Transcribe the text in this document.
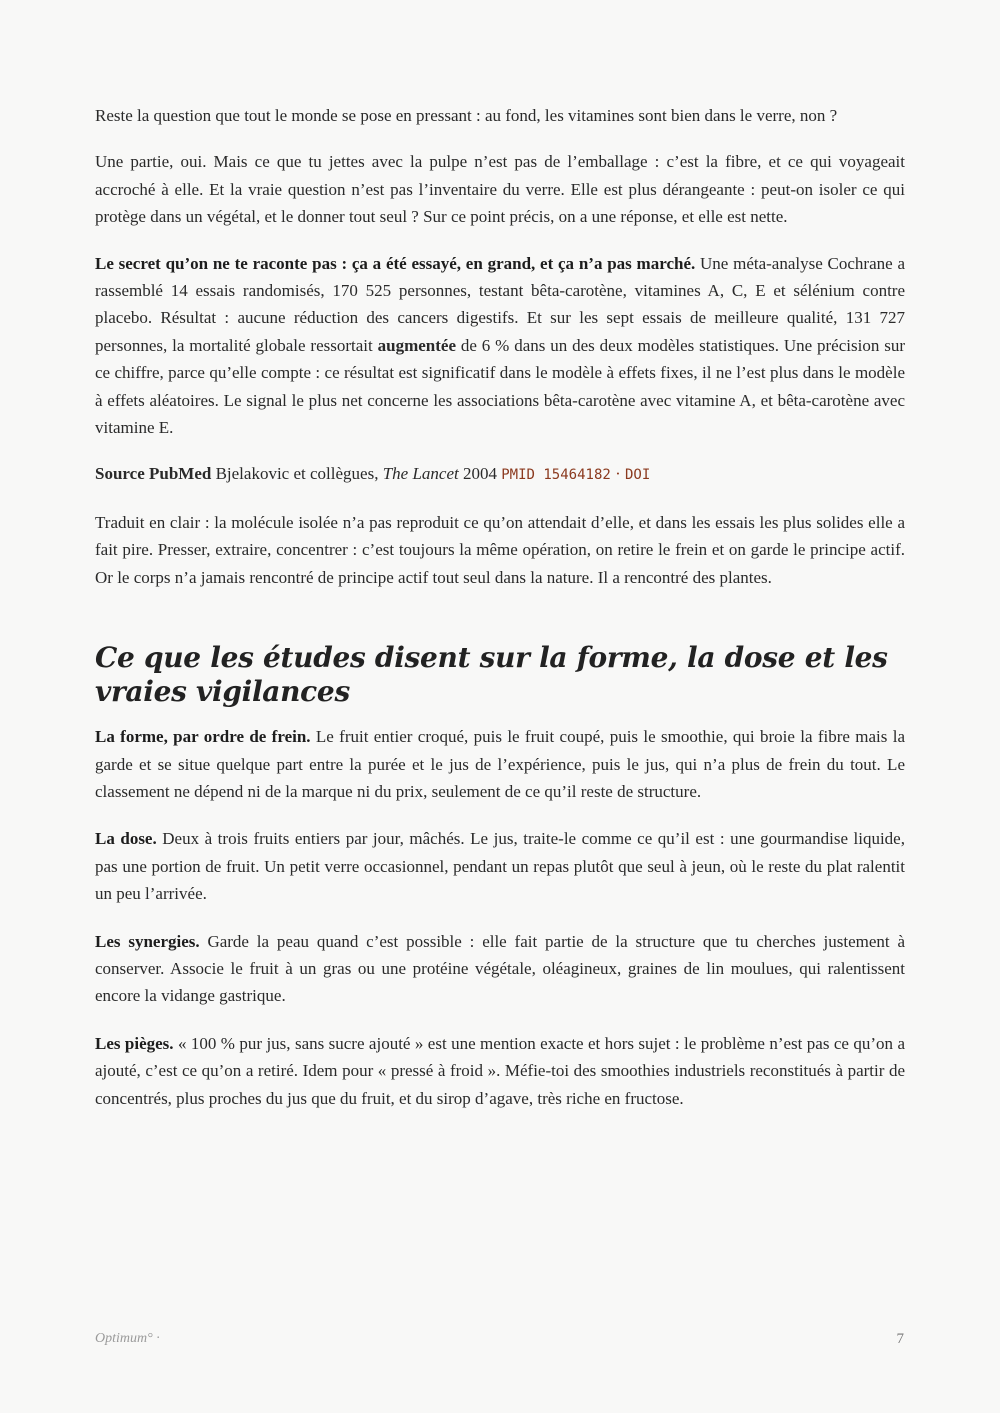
Reste la question que tout le monde se pose en pressant : au fond, les vitamines sont bien dans le verre, non ?

Une partie, oui. Mais ce que tu jettes avec la pulpe n’est pas de l’emballage : c’est la fibre, et ce qui voyageait accroché à elle. Et la vraie question n’est pas l’inventaire du verre. Elle est plus dérangeante : peut-on isoler ce qui protège dans un végétal, et le donner tout seul ? Sur ce point précis, on a une réponse, et elle est nette.

Le secret qu’on ne te raconte pas : ça a été essayé, en grand, et ça n’a pas marché. Une méta-analyse Cochrane a rassemblé 14 essais randomisés, 170 525 personnes, testant bêta-carotène, vitamines A, C, E et sélénium contre placebo. Résultat : aucune réduction des cancers digestifs. Et sur les sept essais de meilleure qualité, 131 727 personnes, la mortalité globale ressortait augmentée de 6 % dans un des deux modèles statistiques. Une précision sur ce chiffre, parce qu’elle compte : ce résultat est significatif dans le modèle à effets fixes, il ne l’est plus dans le modèle à effets aléatoires. Le signal le plus net concerne les associations bêta-carotène avec vitamine A, et bêta-carotène avec vitamine E.

Source PubMed Bjelakovic et collègues, The Lancet 2004 PMID 15464182 · DOI

Traduit en clair : la molécule isolée n’a pas reproduit ce qu’on attendait d’elle, et dans les essais les plus solides elle a fait pire. Presser, extraire, concentrer : c’est toujours la même opération, on retire le frein et on garde le principe actif. Or le corps n’a jamais rencontré de principe actif tout seul dans la nature. Il a rencontré des plantes.

Ce que les études disent sur la forme, la dose et les vraies vigilances

La forme, par ordre de frein. Le fruit entier croqué, puis le fruit coupé, puis le smoothie, qui broie la fibre mais la garde et se situe quelque part entre la purée et le jus de l’expérience, puis le jus, qui n’a plus de frein du tout. Le classement ne dépend ni de la marque ni du prix, seulement de ce qu’il reste de structure.

La dose. Deux à trois fruits entiers par jour, mâchés. Le jus, traite-le comme ce qu’il est : une gourmandise liquide, pas une portion de fruit. Un petit verre occasionnel, pendant un repas plutôt que seul à jeun, où le reste du plat ralentit un peu l’arrivée.

Les synergies. Garde la peau quand c’est possible : elle fait partie de la structure que tu cherches justement à conserver. Associe le fruit à un gras ou une protéine végétale, oléagineux, graines de lin moulues, qui ralentissent encore la vidange gastrique.

Les pièges. « 100 % pur jus, sans sucre ajouté » est une mention exacte et hors sujet : le problème n’est pas ce qu’on a ajouté, c’est ce qu’on a retiré. Idem pour « pressé à froid ». Méfie-toi des smoothies industriels reconstitués à partir de concentrés, plus proches du jus que du fruit, et du sirop d’agave, très riche en fructose.

Optimum° ·	7
